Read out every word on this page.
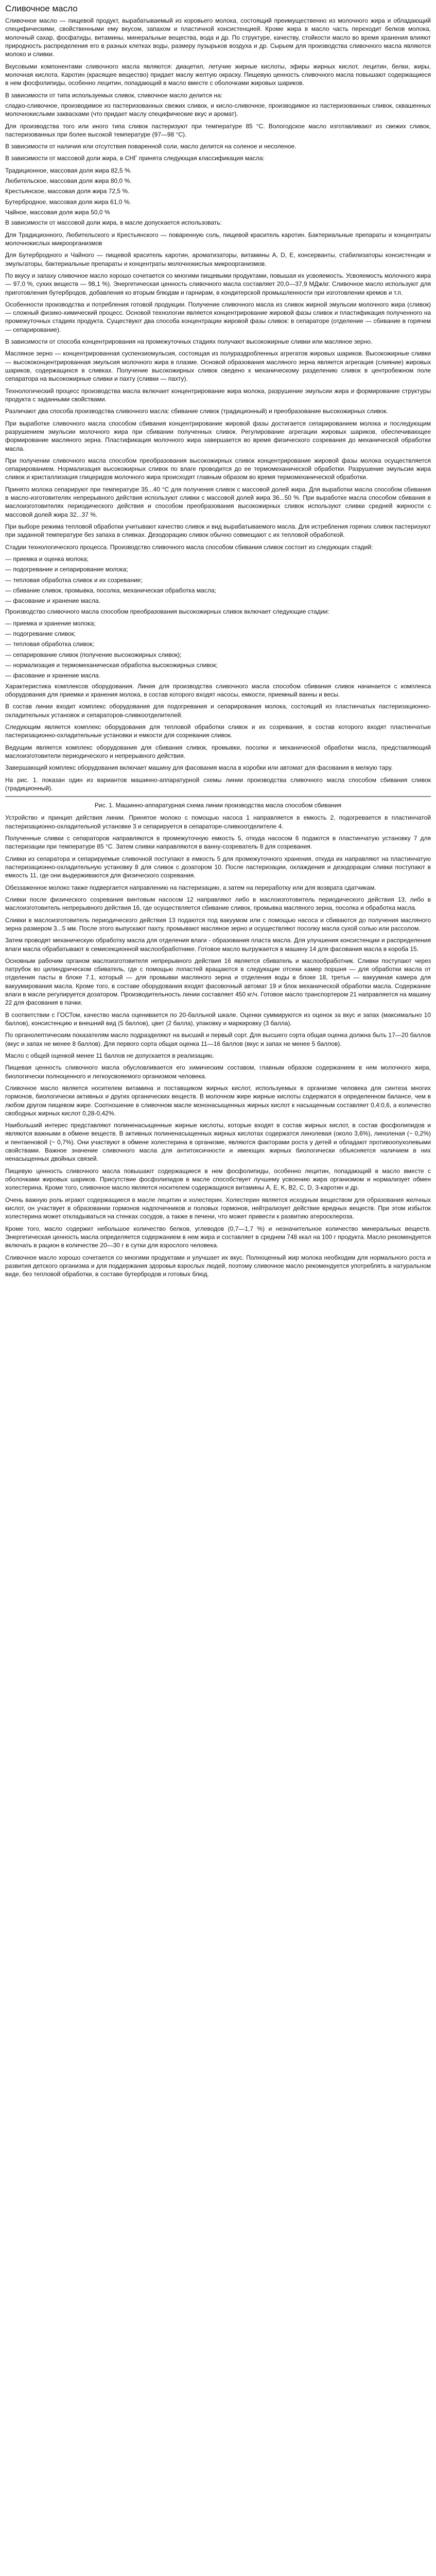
Сливочное масло

Сливочное масло — пищевой продукт, вырабатываемый из коровьего молока, состоящий преимущественно из молочного жира и обладающий специфическими, свойственными ему вкусом, запахом и пластичной консистенцией. Кроме жира в масло часть переходит белков молока, молочный сахар, фосфатиды, витамины, минеральные вещества, вода и др. По структуре, качеству, стойкости масло во время хранения влияют природность распределения его в разных клетках воды, размеру пузырьков воздуха и др. Сырьем для производства сливочного масла являются молоко и сливки.

Вкусовыми компонентами сливочного масла являются: диацетил, летучие жирные кислоты, эфиры жирных кислот, лецитин, белки, жиры, молочная кислота. Каротин (красящее вещество) придает маслу желтую окраску. Пищевую ценность сливочного масла повышают содержащиеся в нем фосфолипиды, особенно лецитин, попадающий в масло вместе с оболочками жировых шариков.

В зависимости от типа используемых сливок, сливочное масло делится на:

сладко-сливочное, производимое из пастеризованных свежих сливок, и кисло-сливочное, производимое из пастеризованных сливок, сквашенных молочнокислыми заквасками (что придает маслу специфические вкус и аромат).

Для производства того или иного типа сливок пастеризуют при температуре 85 °С. Вологодское масло изготавливают из свежих сливок, пастеризованных при более высокой температуре (97—98 °С).

В зависимости от наличия или отсутствия поваренной соли, масло делится на соленое и несоленое.

В зависимости от массовой доли жира, в СНГ принята следующая классификация масла:

Традиционное, массовая доля жира 82,5 %.

Любительское, массовая доля жира 80,0 %.

Крестьянское, массовая доля жира 72,5 %.

Бутербродное, массовая доля жира 61,0 %.

Чайное, массовая доля жира 50,0 %

В зависимости от массовой доли жира, в масле допускается использовать:

Для Традиционного, Любительского и Крестьянского — поваренную соль, пищевой краситель каротин. Бактериальные препараты и концентраты молочнокислых микроорганизмов

Для Бутербродного и Чайного — пищевой краситель каротин, ароматизаторы, витамины A, D, E, консерванты, стабилизаторы консистенции и эмульгаторы, бактериальные препараты и концентраты молочнокислых микроорганизмов.

По вкусу и запаху сливочное масло хорошо сочетается со многими пищевыми продуктами, повышая их усвояемость. Усвояемость молочного жира — 97,0 %, сухих веществ — 98,1 %). Энергетическая ценность сливочного масла составляет 20,0—37,9 МДж/кг. Сливочное масло используют для приготовления бутербродов, добавления ко вторым блюдам и гарнирам, в кондитерской промышленности при изготовлении кремов и т.п.

Особенности производства и потребления готовой продукции. Получение сливочного масла из сливок жирной эмульсии молочного жира (сливок) — сложный физико-химический процесс. Основой технологии является концентрирование жировой фазы сливок и пластификация полученного на промежуточных стадиях продукта. Существуют два способа концентрации жировой фазы сливок: в сепараторе (отделение — сбивание в горячем — сепарирование).

В зависимости от способа концентрирования на промежуточных стадиях получают высокожирные сливки или масляное зерно.

Масляное зерно — концентрированная суспензиoмульсия, состоящая из полураздробленных агрегатов жировых шариков. Высокожирные сливки — высококонцентрированная эмульсия молочного жира в плазме. Основой образования масляного зерна является агрегация (слияние) жировых шариков, содержащихся в сливках. Получение высокожирных сливок сведено к механическому разделению сливок в центробежном поле сепаратора на высокожирные сливки и пахту (сливки — пахту).

Технологический процесс производства масла включает концентрирование жира молока, разрушение эмульсии жира и формирование структуры продукта с заданными свойствами.

Различают два способа производства сливочного масла: сбивание сливок (традиционный) и преобразование высокожирных сливок.

При выработке сливочного масла способом сбивания концентрирование жировой фазы достигается сепарированием молока и последующим разрушением эмульсии молочного жира при сбивании полученных сливок. Регулирование агрегации жировых шариков, обеспечивающее формирование масляного зерна. Пластификация молочного жира завершается во время физического созревания до механической обработки масла.

При получении сливочного масла способом преобразования высокожирных сливок концентрирование жировой фазы молока осуществляется сепарированием. Нормализация высокожирных сливок по влаге проводится до ее термомеханической обработки. Разрушение эмульсии жира сливок и кристаллизация глицеридов молочного жира происходят главным образом во время термомеханической обработки.

Принято молока сепарируют при температуре 35...40 °С для получения сливок с массовой долей жира. Для выработки масла способом сбивания в масло-изготовителях непрерывного действия используют сливки с массовой долей жира 36...50 %. При выработке масла способом сбивания в маслоизготовителях периодического действия и способом преобразования высокожирных сливок используют сливки средней жирности с массовой долей жира 32...37 %.

При выборе режима тепловой обработки учитывают качество сливок и вид вырабатываемого масла. Для истребления горячих сливок пастеризуют при заданной температуре без запаха в сливках. Дезодорацию сливок обычно совмещают с их тепловой обработкой.

Стадии технологического процесса. Производство сливочного масла способом сбивания сливок состоит из следующих стадий:

— приемка и оценка молока;

— подогревание и сепарирование молока;

— тепловая обработка сливок и их созревание;

— сбивание сливок, промывка, посолка, механическая обработка масла;

— фасование и хранение масла.

Производство сливочного масла способом преобразования высокожирных сливок включает следующие стадии:

— приемка и хранение молока;

— подогревание сливок;

— тепловая обработка сливок;

— сепарирование сливок (получение высокожирных сливок);

— нормализация и термомеханическая обработка высокожирных сливок;

— фасование и хранение масла.

Характеристика комплексов оборудования. Линия для производства сливочного масла способом сбивания сливок начинается с комплекса оборудования для приемки и хранения молока, в состав которого входят насосы, емкости, приемный ванны и весы.

В состав линии входит комплекс оборудования для подогревания и сепарирования молока, состоящий из пластинчатых пастеризационно-охладительных установок и сепараторов-сливкоотделителей.

Следующим является комплекс оборудования для тепловой обработки сливок и их созревания, в состав которого входят пластинчатые пастеризационно-охладительные установки и емкости для созревания сливок.

Ведущим является комплекс оборудования для сбивания сливок, промывки, посолки и механической обработки масла, представляющий маслоизготовители периодического и непрерывного действия.

Завершающий комплекс оборудования включает машину для фасования масла в коробки или автомат для фасования в мелкую тару.

На рис. 1. показан один из вариантов машинно-аппаратурной схемы линии производства сливочного масла способом сбивания сливок (традиционный).

Рис. 1. Машинно-аппаратурная схема линии производства масла способом сбивания

Устройство и принцип действия линии. Принятое молоко с помощью насоса 1 направляется в емкость 2, подогревается в пластинчатой пастеризационно-охладительной установке 3 и сепарируется в сепараторе-сливкоотделителе 4.

Полученные сливки с сепараторов направляются в промежуточную емкость 5, откуда насосом 6 подаются в пластинчатую установку 7 для пастеризации при температуре 85 °С. Затем сливки направляются в ванну-созреватель 8 для созревания.

Сливки из сепаратора и сепарируемые сливочной поступают в емкость 5 для промежуточного хранения, откуда их направляют на пластинчатую пастеризационно-охладительную установку 8 для сливок с дозатором 10. После пастеризации, охлаждения и дезодорации сливки поступают в емкость 11, где они выдерживаются для физического созревания.

Обеззаженное молоко также подвергается направлению на пастеризацию, а затем на переработку или для возврата сдатчикам.

Сливки после физического созревания винтовым насосом 12 направляют либо в маслоизготовитель периодического действия 13, либо в маслоизготовитель непрерывного действия 16, где осуществляется сбивание сливок, промывка масляного зерна, посолка и обработка масла.

Сливки в маслоизготовитель периодического действия 13 подаются под вакуумом или с помощью насоса и сбиваются до получения масляного зерна размером 3...5 мм. После этого выпускают пахту, промывают масляное зерно и осуществляют посолку масла сухой солью или рассолом.

Затем проводят механическую обработку масла для отделения влаги - образования пласта масла. Для улучшения консистенции и распределения влаги масла обрабатывают в семисекционной маслообработнике. Готовое масло выгружается в машину 14 для фасования масла в короба 15.

Основным рабочим органом маслоизготовителя непрерывного действия 16 является сбиватель и маслообработник. Сливки поступают через патрубок во цилиндрическом сбиватель, где с помощью лопастей вращаются в следующие отсеки камер поршня — для обработки масла от отделения пасты в блоке 7.1, который — для промывки масляного зерна и отделения воды в блоке 18, третья — вакуумная камера для вакуумирования масла. Кроме того, в составе оборудования входят фасовочный автомат 19 и блок механической обработки масла. Содержание влаги в масле регулируется дозатором. Производительность линии составляет 450 кг/ч. Готовое масло транспортером 21 направляется на машину 22 для фасования в пачки.

В соответствии с ГОСТом, качество масла оценивается по 20-балльной шкале. Оценки суммируются из оценок за вкус и запах (максимально 10 баллов), консистенцию и внешний вид (5 баллов), цвет (2 балла), упаковку и маркировку (3 балла).

По органолептическим показателям масло подразделяют на высший и первый сорт. Для высшего сорта общая оценка должна быть 17—20 баллов (вкус и запах не менее 8 баллов). Для первого сорта общая оценка 11—16 баллов (вкус и запах не менее 5 баллов).

Масло с общей оценкой менее 11 баллов не допускается в реализацию.

Пищевая ценность сливочного масла обусловливается его химическим составом, главным образом содержанием в нем молочного жира, биологически полноценного и легкоусвояемого организмом человека.

Сливочное масло является носителем витамина и поставщиком жирных кислот, используемых в организме человека для синтеза многих гормонов, биологически активных и других органических веществ. В молочном жире жирные кислоты содержатся в определенном балансе, чем в любом другом пищевом жире. Соотношение в сливочном масле мононасыщенных жирных кислот к насыщенным составляет 0,4:0,6, а количество свободных жирных кислот 0,28-0,42%.

Наибольший интерес представляют полиненасыщенные жирные кислоты, которые входят в состав жирных кислот, в состав фосфолипидов и являются важными в обмене веществ. В активных полиненасыщенных жирных кислотах содержатся линолевая (около 3,6%), линоленая (~ 0,2%) и пентаеновой (~ 0,7%). Они участвуют в обмене холестерина в организме, являются факторами роста у детей и обладают противоопухолевыми свойствами. Важное значение сливочного масла для антитоксичности и имеющих жирных биологически объясняется наличием в них ненасыщенных двойных связей.

Пищевую ценность сливочного масла повышают содержащиеся в нем фосфолипиды, особенно лецитин, попадающий в масло вместе с оболочками жировых шариков. Присутствие фосфолипидов в масле способствует лучшему усвоению жира организмом и нормализует обмен холестерина. Кроме того, сливочное масло является носителем содержащихся витамины A, E, K, B2, C, D, 3-каротин и др.

Очень важную роль играют содержащиеся в масле лецитин и холестерин. Холестерин является исходным веществом для образования желчных кислот, он участвует в образовании гормонов надпочечников и половых гормонов, нейтрализует действие вредных веществ. При этом избыток холестерина может откладываться на стенках сосудов, а также в печени, что может привести к развитию атеросклероза.

Кроме того, масло содержит небольшое количество белков, углеводов (0,7—1,7 %) и незначительное количество минеральных веществ. Энергетическая ценность масла определяется содержанием в нем жира и составляет в среднем 748 ккал на 100 г продукта. Масло рекомендуется включать в рацион в количестве 20—30 г в сутки для взрослого человека.

Сливочное масло хорошо сочетается со многими продуктами и улучшает их вкус. Полноценный жир молока необходим для нормального роста и развития детского организма и для поддержания здоровья взрослых людей, поэтому сливочное масло рекомендуется употреблять в натуральном виде, без тепловой обработки, в составе бутербродов и готовых блюд.
